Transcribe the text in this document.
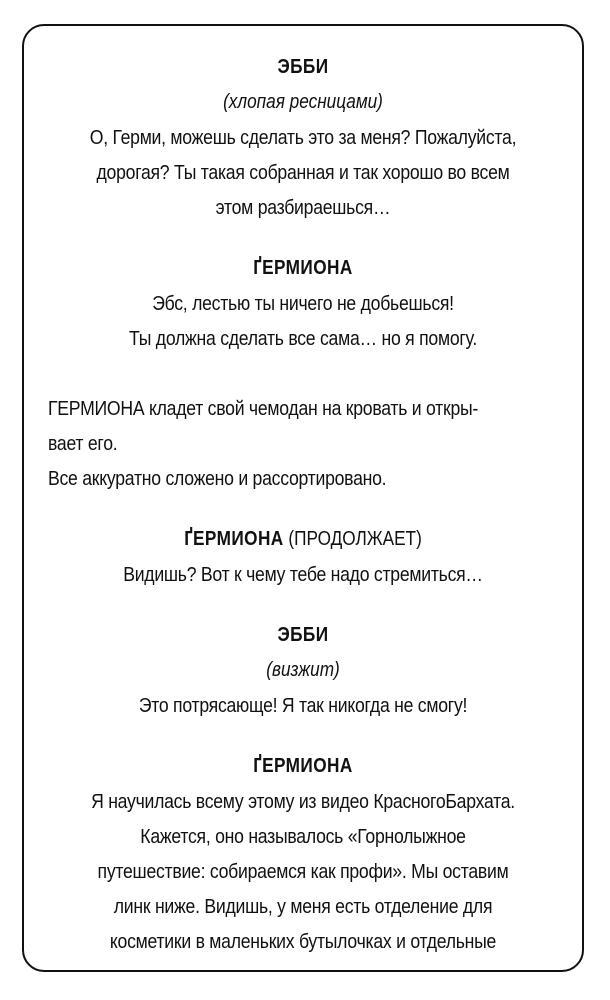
ЭББИ

(хлопая ресницами)

О, Герми, можешь сделать это за меня? Пожалуйста,

дорогая? Ты такая собранная и так хорошо во всем

этом разбираешься…

ҐЕРМИОНА

Эбс, лестью ты ничего не добьешься!

Ты должна сделать все сама… но я помогу.

ГЕРМИОНА кладет свой чемодан на кровать и откры-

вает его.

Все аккуратно сложено и рассортировано.

ҐЕРМИОНА (ПРОДОЛЖАЕТ)

Видишь? Вот к чему тебе надо стремиться…

ЭББИ

(визжит)

Это потрясающе! Я так никогда не смогу!

ҐЕРМИОНА

Я научилась всему этому из видео КрасногоБархата.

Кажется, оно называлось «Горнолыжное

путешествие: собираемся как профи». Мы оставим

линк ниже. Видишь, у меня есть отделение для

косметики в маленьких бутылочках и отдельные
